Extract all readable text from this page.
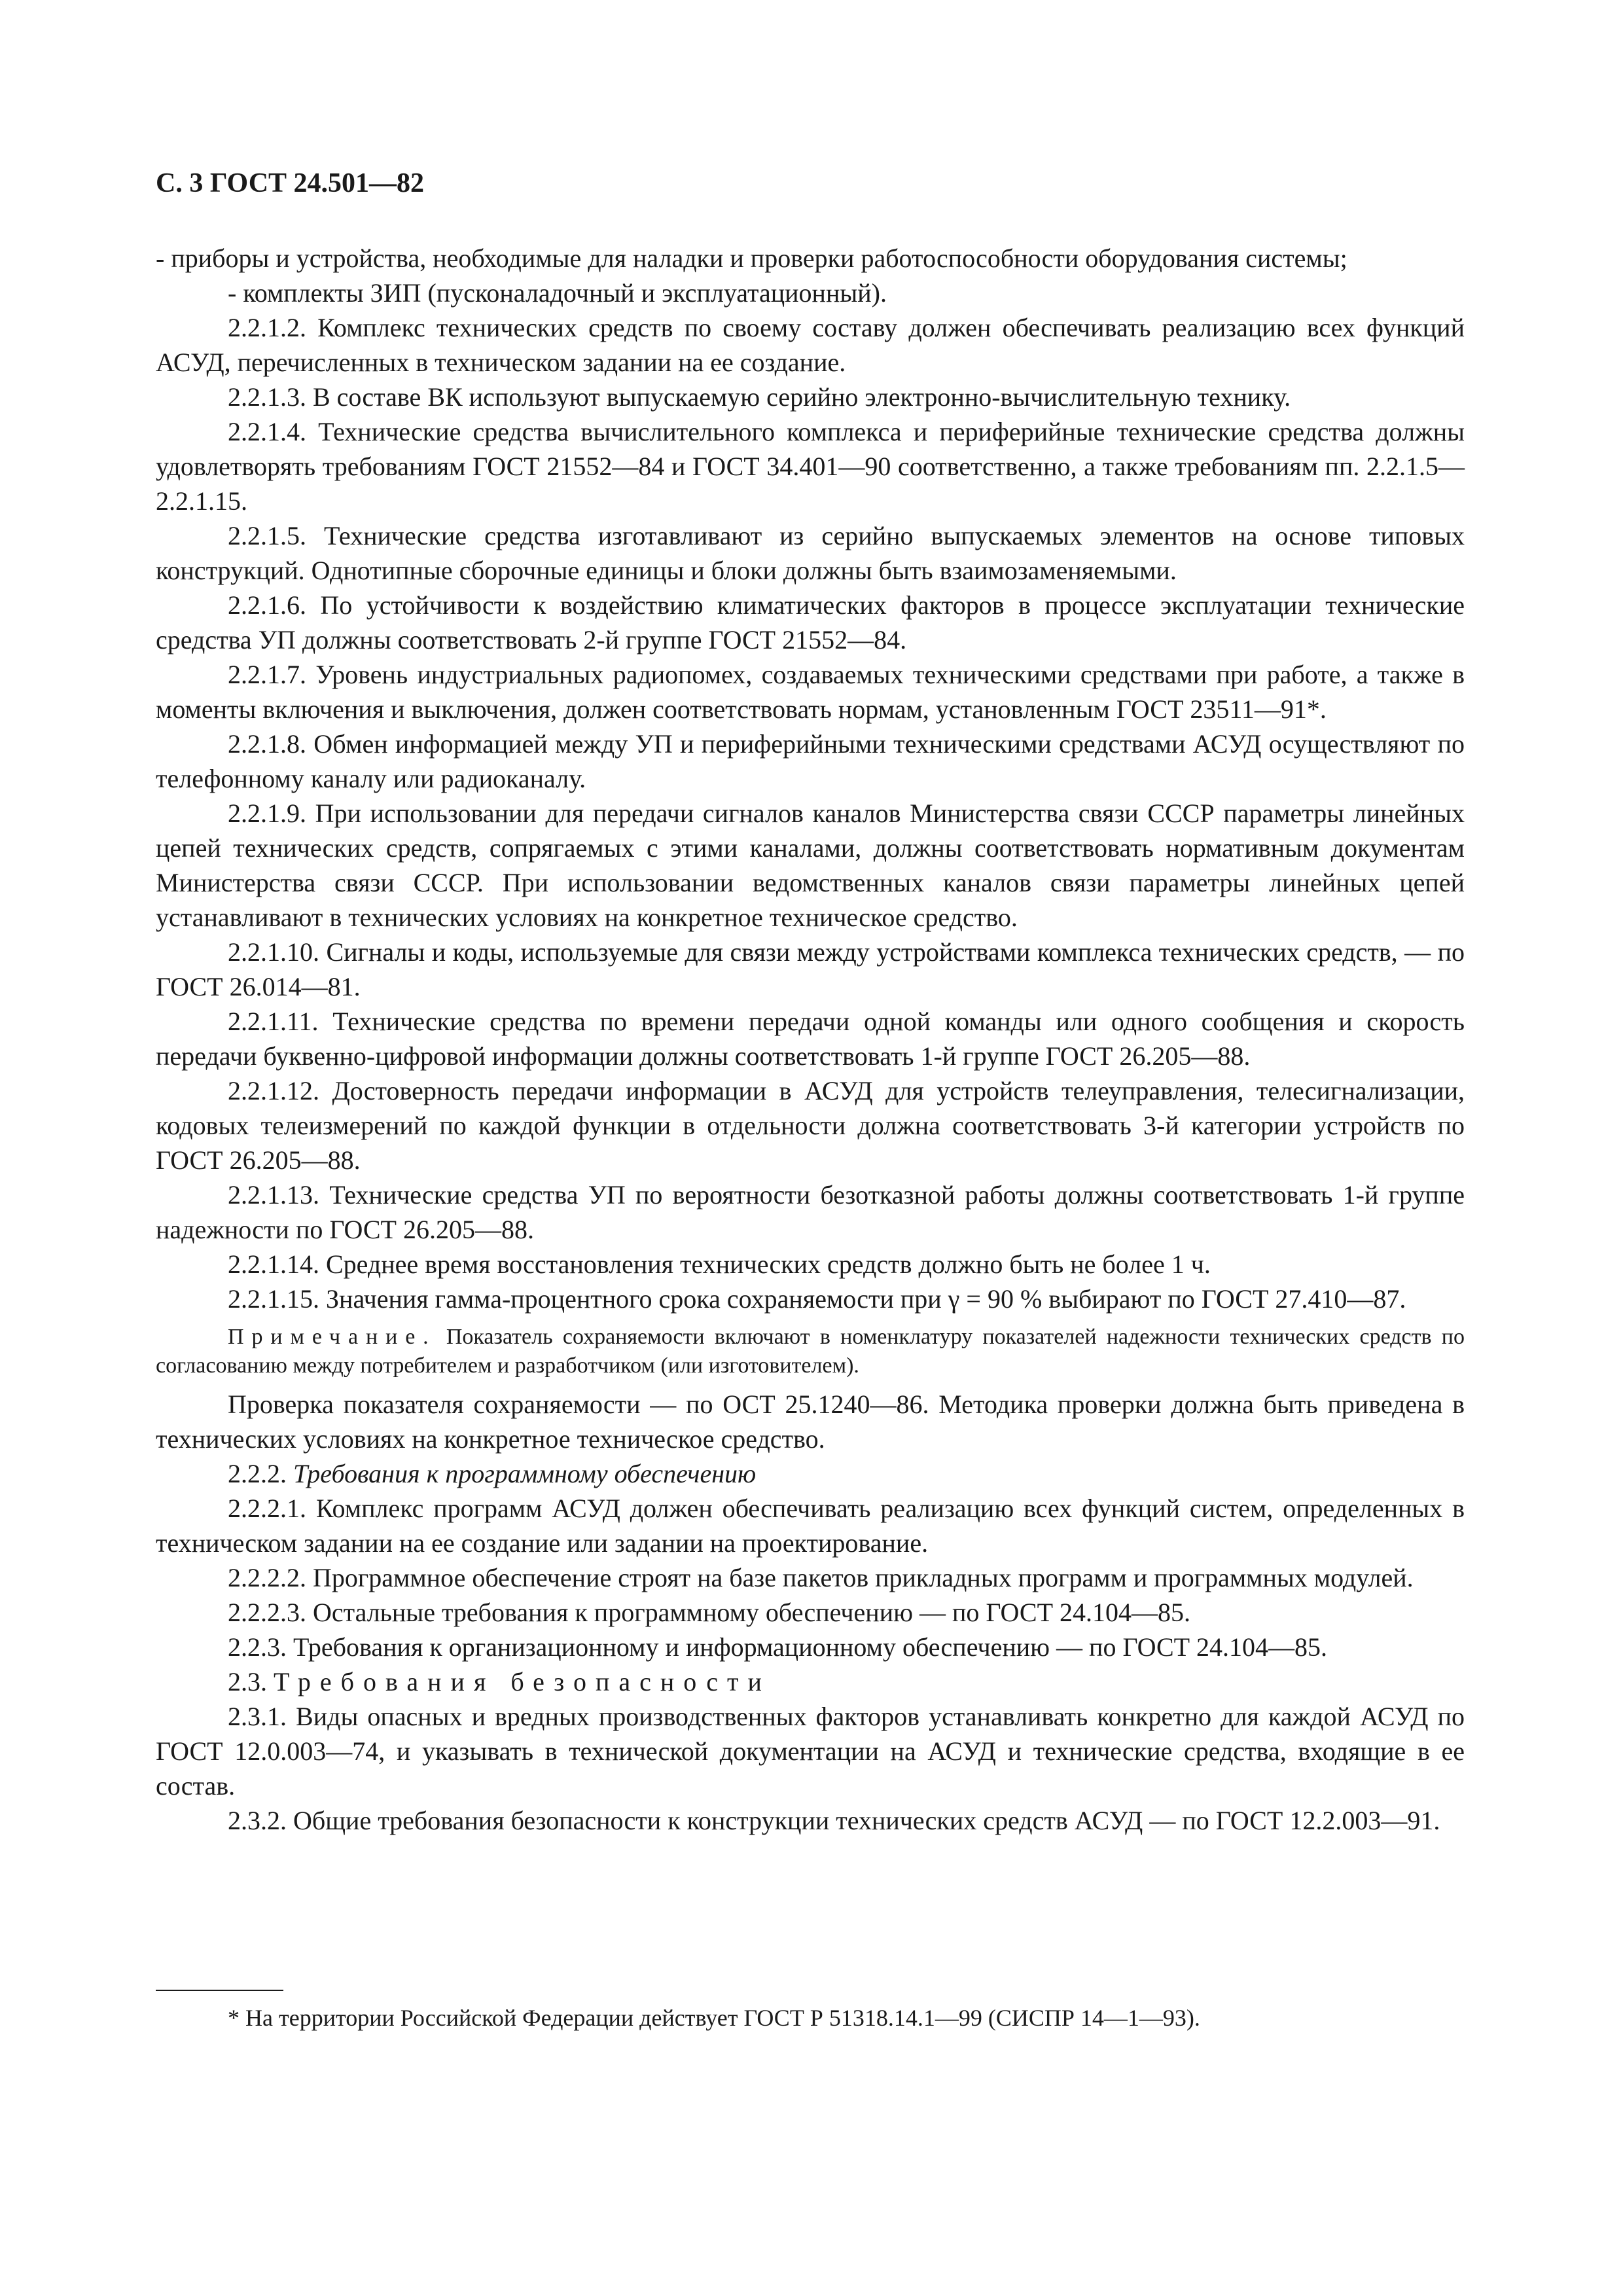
С. 3 ГОСТ 24.501—82

- приборы и устройства, необходимые для наладки и проверки работоспособности оборудования системы;

- комплекты ЗИП (пусконаладочный и эксплуатационный).

2.2.1.2. Комплекс технических средств по своему составу должен обеспечивать реализацию всех функций АСУД, перечисленных в техническом задании на ее создание.

2.2.1.3. В составе ВК используют выпускаемую серийно электронно-вычислительную технику.

2.2.1.4. Технические средства вычислительного комплекса и периферийные технические средства должны удовлетворять требованиям ГОСТ 21552—84 и ГОСТ 34.401—90 соответственно, а также требованиям пп. 2.2.1.5—2.2.1.15.

2.2.1.5. Технические средства изготавливают из серийно выпускаемых элементов на основе типовых конструкций. Однотипные сборочные единицы и блоки должны быть взаимозаменяемыми.

2.2.1.6. По устойчивости к воздействию климатических факторов в процессе эксплуатации технические средства УП должны соответствовать 2-й группе ГОСТ 21552—84.

2.2.1.7. Уровень индустриальных радиопомех, создаваемых техническими средствами при работе, а также в моменты включения и выключения, должен соответствовать нормам, установленным ГОСТ 23511—91*.

2.2.1.8. Обмен информацией между УП и периферийными техническими средствами АСУД осуществляют по телефонному каналу или радиоканалу.

2.2.1.9. При использовании для передачи сигналов каналов Министерства связи СССР параметры линейных цепей технических средств, сопрягаемых с этими каналами, должны соответствовать нормативным документам Министерства связи СССР. При использовании ведомственных каналов связи параметры линейных цепей устанавливают в технических условиях на конкретное техническое средство.

2.2.1.10. Сигналы и коды, используемые для связи между устройствами комплекса технических средств, — по ГОСТ 26.014—81.

2.2.1.11. Технические средства по времени передачи одной команды или одного сообщения и скорость передачи буквенно-цифровой информации должны соответствовать 1-й группе ГОСТ 26.205—88.

2.2.1.12. Достоверность передачи информации в АСУД для устройств телеуправления, телесигнализации, кодовых телеизмерений по каждой функции в отдельности должна соответствовать 3-й категории устройств по ГОСТ 26.205—88.

2.2.1.13. Технические средства УП по вероятности безотказной работы должны соответствовать 1-й группе надежности по ГОСТ 26.205—88.

2.2.1.14. Среднее время восстановления технических средств должно быть не более 1 ч.

2.2.1.15. Значения гамма-процентного срока сохраняемости при γ = 90 % выбирают по ГОСТ 27.410—87.

Примечание. Показатель сохраняемости включают в номенклатуру показателей надежности технических средств по согласованию между потребителем и разработчиком (или изготовителем).

Проверка показателя сохраняемости — по ОСТ 25.1240—86. Методика проверки должна быть приведена в технических условиях на конкретное техническое средство.

2.2.2. Требования к программному обеспечению

2.2.2.1. Комплекс программ АСУД должен обеспечивать реализацию всех функций систем, определенных в техническом задании на ее создание или задании на проектирование.

2.2.2.2. Программное обеспечение строят на базе пакетов прикладных программ и программных модулей.

2.2.2.3. Остальные требования к программному обеспечению — по ГОСТ 24.104—85.

2.2.3. Требования к организационному и информационному обеспечению — по ГОСТ 24.104—85.

2.3. Требования безопасности

2.3.1. Виды опасных и вредных производственных факторов устанавливать конкретно для каждой АСУД по ГОСТ 12.0.003—74, и указывать в технической документации на АСУД и технические средства, входящие в ее состав.

2.3.2. Общие требования безопасности к конструкции технических средств АСУД — по ГОСТ 12.2.003—91.

* На территории Российской Федерации действует ГОСТ Р 51318.14.1—99 (СИСПР 14—1—93).
